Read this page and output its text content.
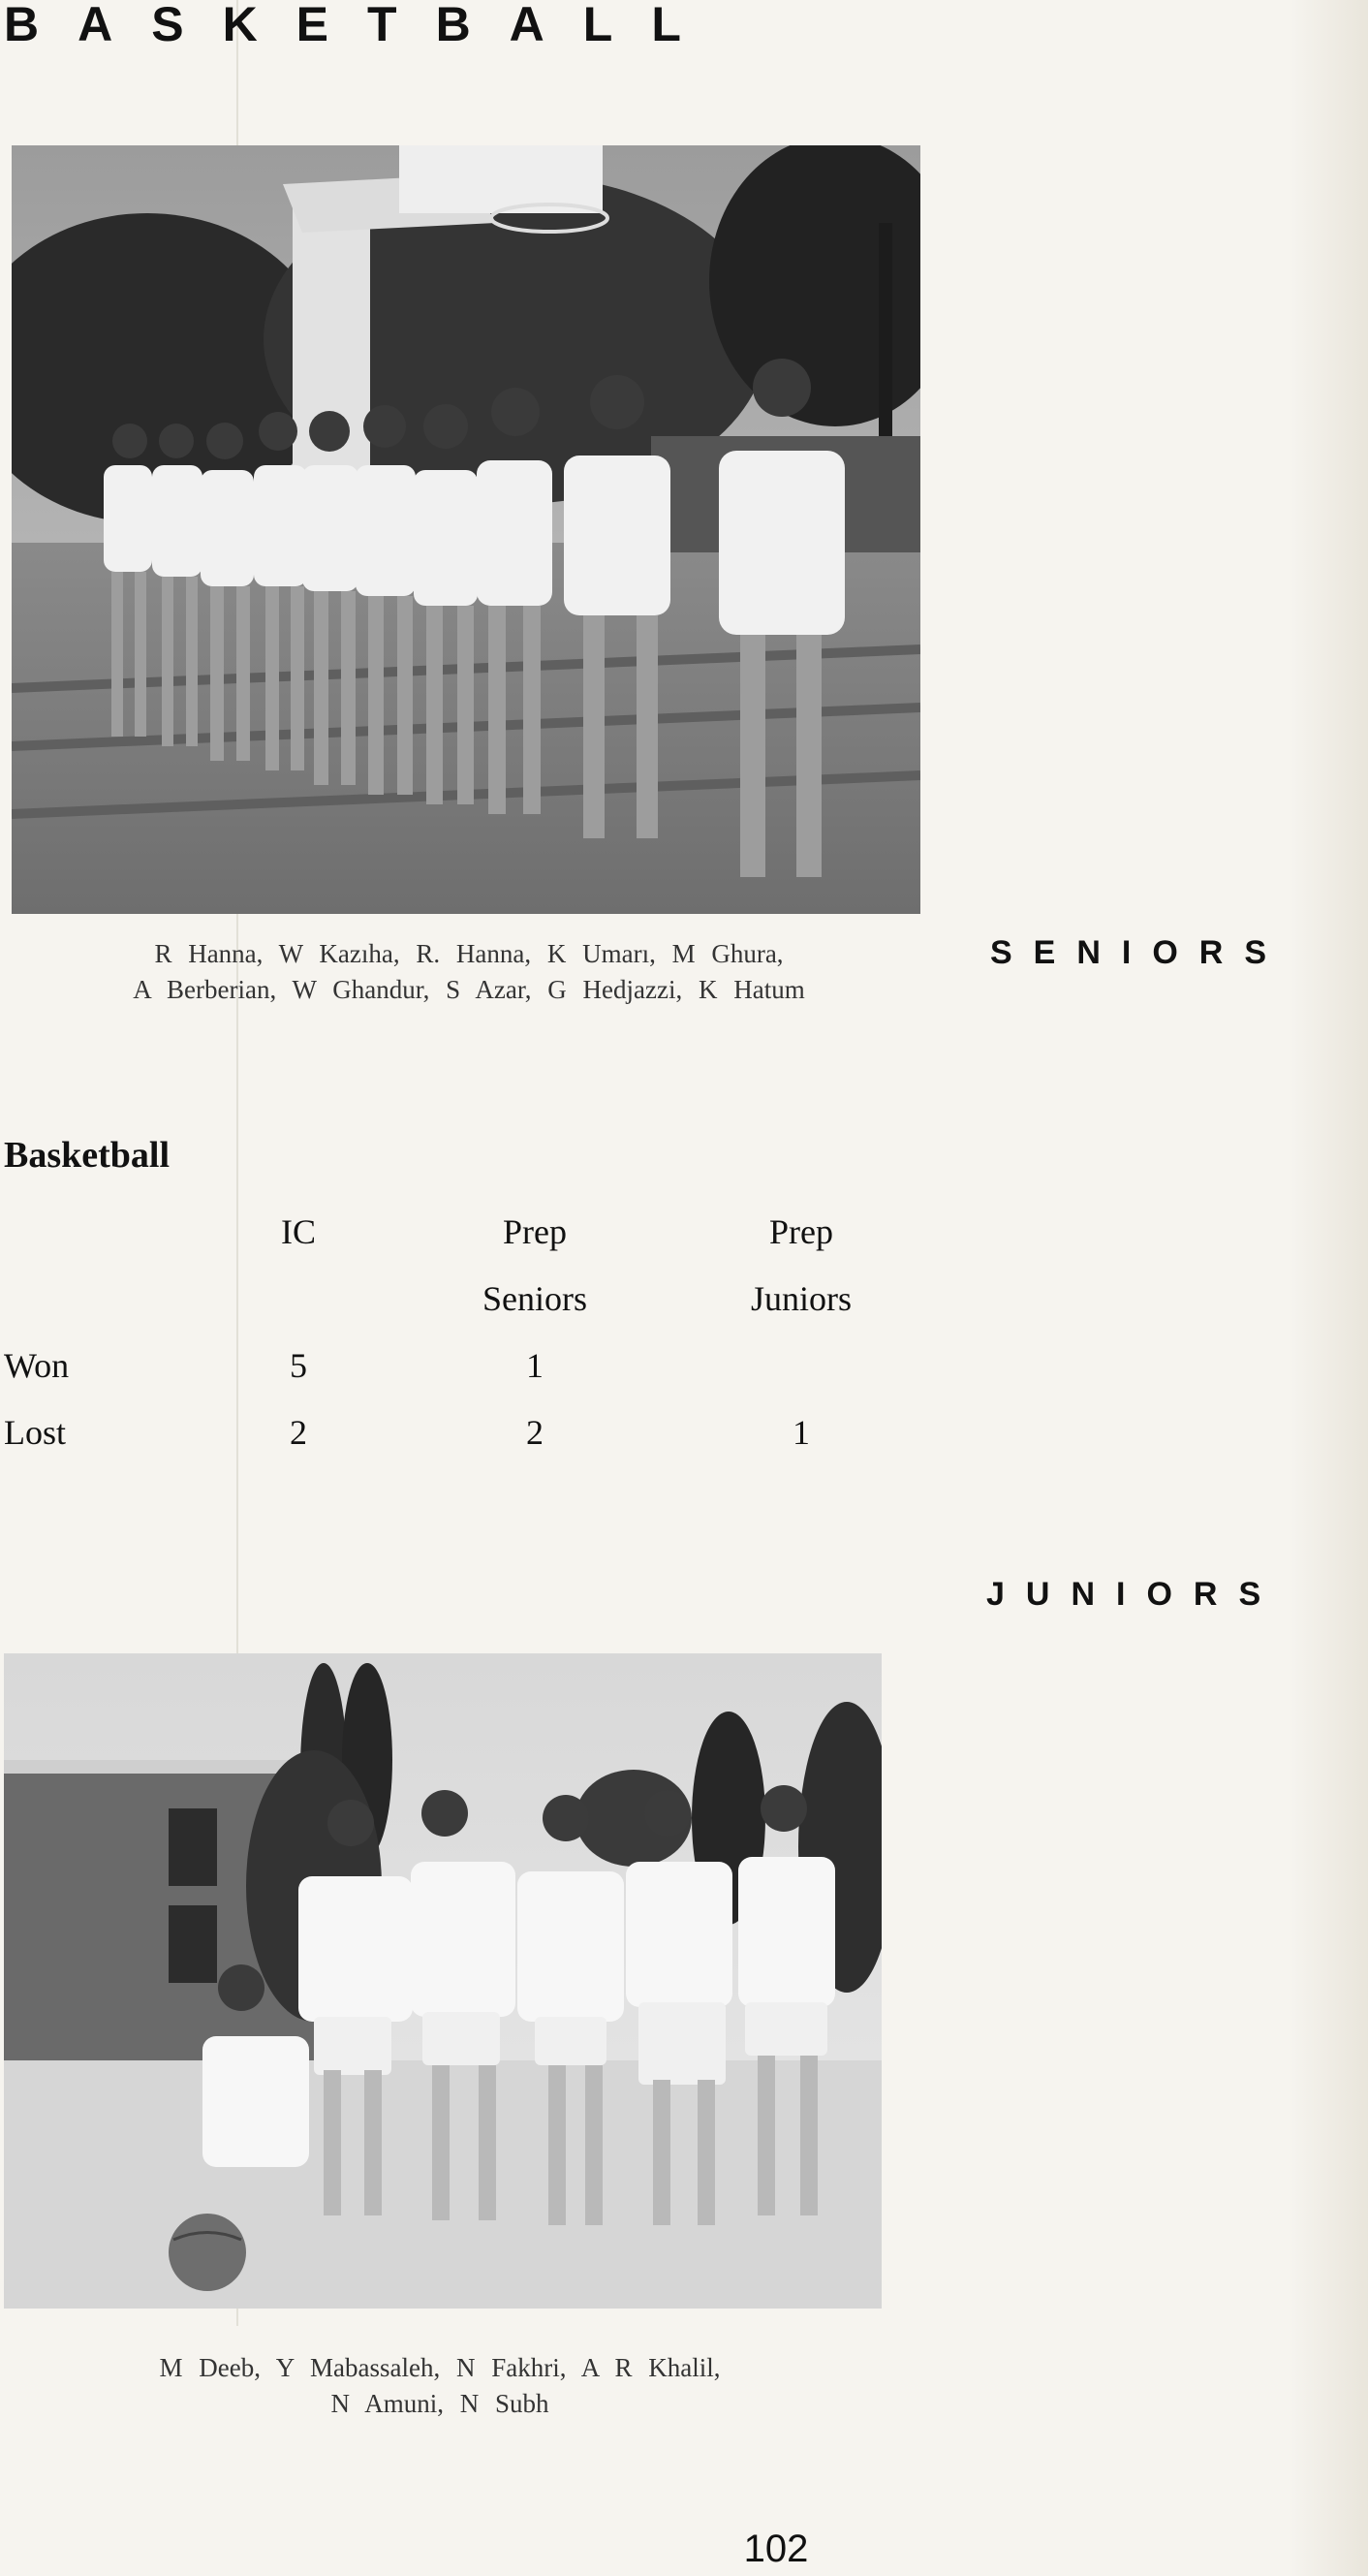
BASKETBALL
R Hanna, W Kazıha, R. Hanna, K Umarı, M Ghura,
A Berberian, W Ghandur, S Azar, G Hedjazzi, K Hatum
SENIORS
Basketball
	IC	Prep	Prep
		Seniors	Juniors
Won	5	1	
Lost	2	2	1
JUNIORS
M Deeb, Y Mabassaleh, N Fakhri, A R Khalil,
N Amuni, N Subh
102
